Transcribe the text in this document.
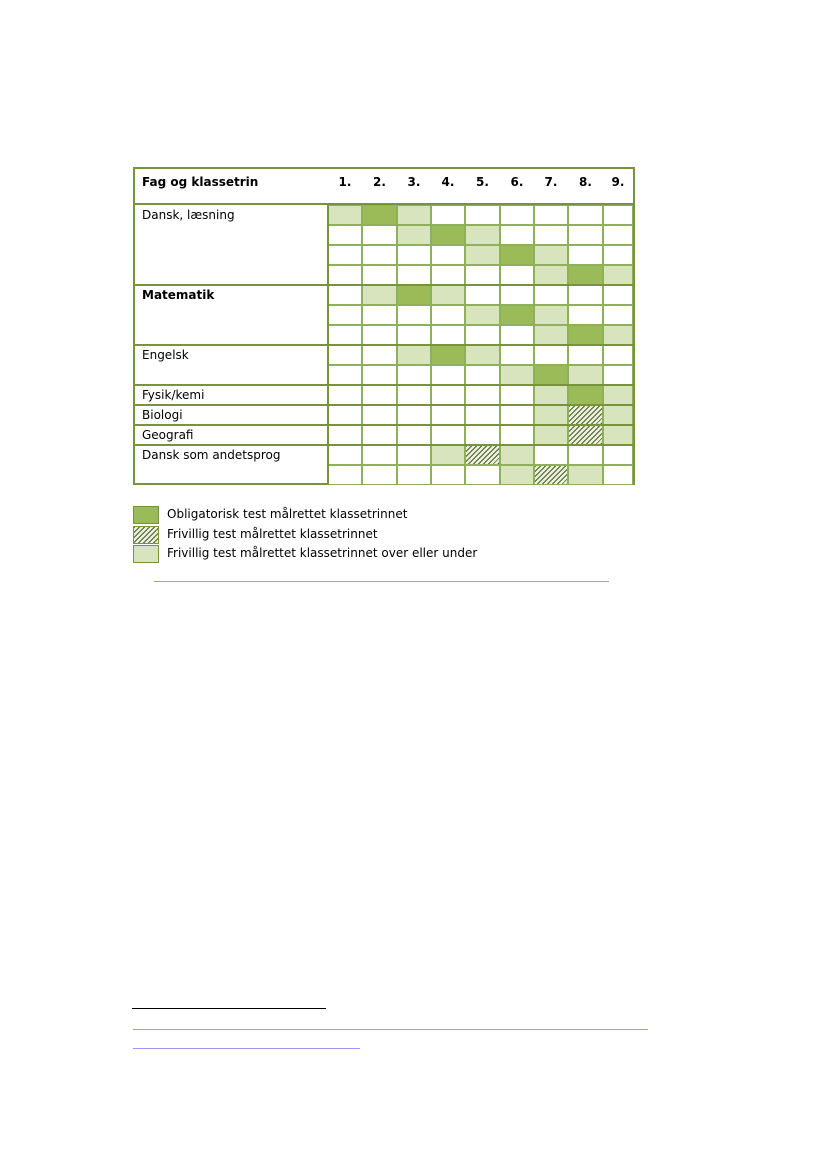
Fag og klassetrin	1.	2.	3.	4.	5.	6.	7.	8.	9.
Dansk, læsning
Matematik
Engelsk
Fysik/kemi
Biologi
Geografi
Dansk som andetsprog
Obligatorisk test målrettet klassetrinnet
Frivillig test målrettet klassetrinnet
Frivillig test målrettet klassetrinnet over eller under
